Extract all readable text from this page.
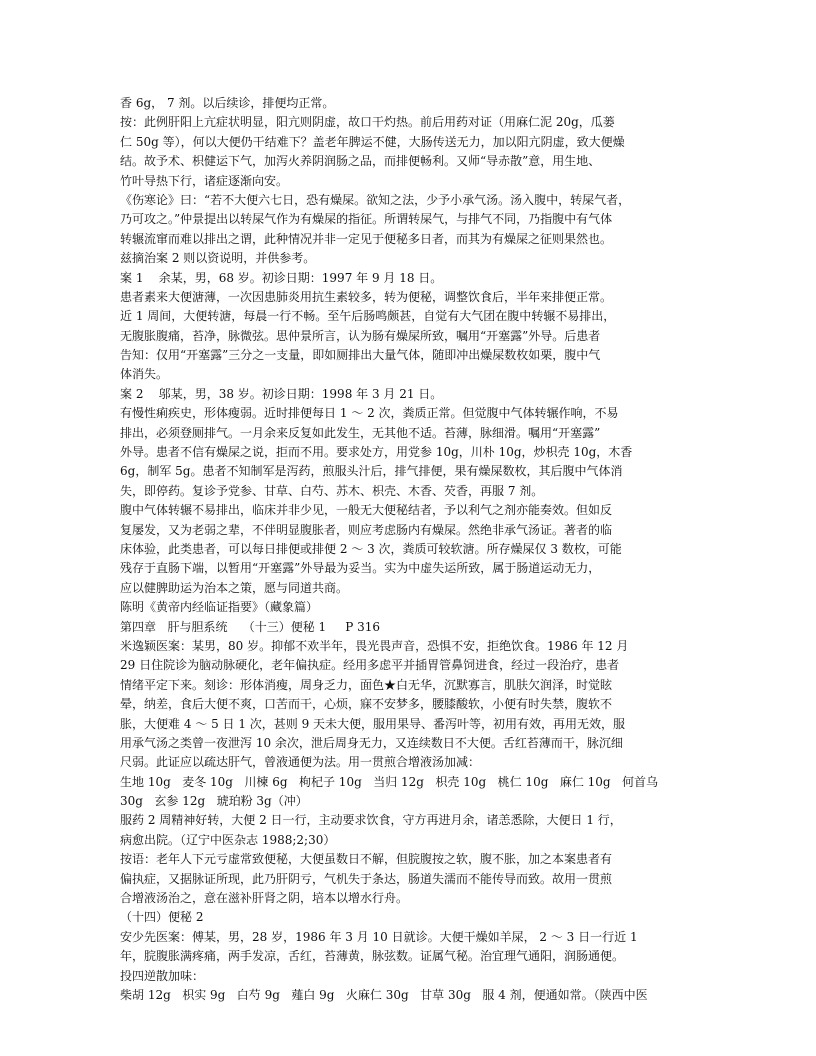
香 6g， 7 剂。以后续诊，排便均正常。
按：此例肝阳上亢症状明显，阳亢则阴虚，故口干灼热。前后用药对证（用麻仁泥 20g，瓜蒌
仁 50g 等），何以大便仍干结难下？盖老年脾运不健，大肠传送无力，加以阳亢阴虚，致大便燥
结。故予术、枳健运下气，加泻火养阴润肠之品，而排便畅利。又师“导赤散”意，用生地、
竹叶导热下行，诸症逐渐向安。
《伤寒论》曰：“若不大便六七日，恐有燥屎。欲知之法，少予小承气汤。汤入腹中，转屎气者，
乃可攻之。”仲景提出以转屎气作为有燥屎的指征。所谓转屎气，与排气不同，乃指腹中有气体
转辗流窜而难以排出之谓，此种情况并非一定见于便秘多日者，而其为有燥屎之征则果然也。
兹摘治案 2 则以资说明，并供参考。
案 1    余某，男，68 岁。初诊日期：1997 年 9 月 18 日。
患者素来大便溏薄，一次因患肺炎用抗生素较多，转为便秘，调整饮食后，半年来排便正常。
近 1 周间，大便转溏，每晨一行不畅。至午后肠鸣颇甚，自觉有大气团在腹中转辗不易排出，
无腹胀腹痛，苔净，脉微弦。思仲景所言，认为肠有燥屎所致，嘱用“开塞露”外导。后患者
告知：仅用“开塞露”三分之一支量，即如厕排出大量气体，随即冲出燥屎数枚如栗，腹中气
体消失。
案 2    邬某，男，38 岁。初诊日期：1998 年 3 月 21 日。
有慢性痢疾史，形体瘦弱。近时排便每日 1 ～ 2 次，粪质正常。但觉腹中气体转辗作响，不易
排出，必须登厕排气。一月余来反复如此发生，无其他不适。苔薄，脉细滑。嘱用“开塞露”
外导。患者不信有燥屎之说，拒而不用。要求处方，用党参 10g，川朴 10g，炒枳壳 10g，木香
6g，制军 5g。患者不知制军是泻药，煎服头汁后，排气排便，果有燥屎数枚，其后腹中气体消
失，即停药。复诊予党参、甘草、白芍、苏木、枳壳、木香、芡香，再服 7 剂。
腹中气体转辗不易排出，临床并非少见，一般无大便秘结者，予以利气之剂亦能奏效。但如反
复屡发，又为老弱之辈，不伴明显腹胀者，则应考虑肠内有燥屎。然绝非承气汤证。著者的临
床体验，此类患者，可以每日排便或排便 2 ～ 3 次，粪质可较软溏。所存燥屎仅 3 数枚，可能
残存于直肠下端，以暂用“开塞露”外导最为妥当。实为中虚失运所致，属于肠道运动无力，
应以健脾助运为治本之策，愿与同道共商。
陈明《黄帝内经临证指要》（藏象篇）
第四章   肝与胆系统    （十三）便秘 1     P 316
米逸颖医案：某男，80 岁。抑郁不欢半年，畏光畏声音，恐惧不安，拒绝饮食。1986 年 12 月
29 日住院诊为脑动脉硬化，老年偏执症。经用多虑平并插胃管鼻饲进食，经过一段治疗，患者
情绪平定下来。刻诊：形体消瘦，周身乏力，面色★白无华，沉默寡言，肌肤欠润泽，时觉眩
晕，纳差，食后大便不爽，口苦而干，心烦，寐不安梦多，腰膝酸软，小便有时失禁，腹软不
胀，大便难 4 ～ 5 日 1 次，甚则 9 天未大便，服用果导、番泻叶等，初用有效，再用无效，服
用承气汤之类曾一夜泄泻 10 余次，泄后周身无力，又连续数日不大便。舌红苔薄而干，脉沉细
尺弱。此证应以疏达肝气，曾液通便为法。用一贯煎合增液汤加减：
生地 10g   麦冬 10g   川楝 6g   枸杞子 10g   当归 12g   枳壳 10g   桃仁 10g   麻仁 10g   何首乌
30g   玄参 12g   琥珀粉 3g（冲）
服药 2 周精神好转，大便 2 日一行，主动要求饮食，守方再进月余，诸恙悉除，大便日 1 行，
病愈出院。（辽宁中医杂志 1988;2;30）
按语：老年人下元亏虚常致便秘，大便虽数日不解，但脘腹按之软，腹不胀，加之本案患者有
偏执症，又据脉证所现，此乃肝阴亏，气机失于条达，肠道失濡而不能传导而致。故用一贯煎
合增液汤治之，意在滋补肝肾之阴，培本以增水行舟。
（十四）便秘 2
安少先医案：傅某，男，28 岁，1986 年 3 月 10 日就诊。大便干燥如羊屎， 2 ～ 3 日一行近 1
年，脘腹胀满疼痛，两手发凉，舌红，苔薄黄，脉弦数。证属气秘。治宜理气通阳，润肠通便。
投四逆散加味：
柴胡 12g   枳实 9g   白芍 9g   薤白 9g   火麻仁 30g   甘草 30g   服 4 剂，便通如常。（陕西中医
